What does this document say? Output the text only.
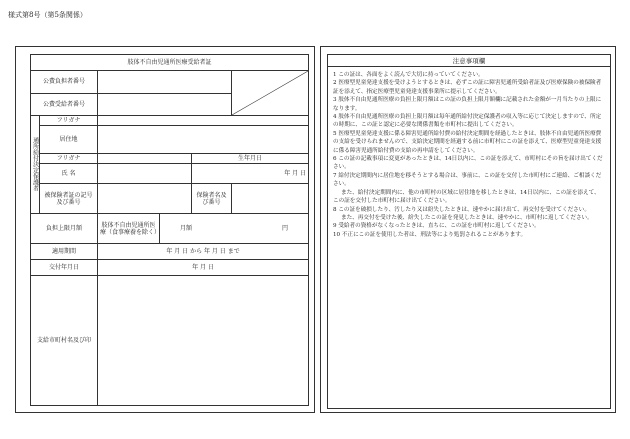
様式第8号（第5条関係）
肢体不自由児通所医療受給者証					
公費負担者番号	

公費受給者番号					

通所給付決定保護者	フリガナ				
	居住地				
	フリガナ			生年月日	
	氏 名			年 月 日	
	被保険者証の記号及び番号			保険者名及び番号	

負担上限月額		肢体不自由児通所医療（食事療養を除く）	月額 円		

適用期間		年 月 日 から 年 月 日 まで			
交付年月日		年 月 日			
支給市町村名及び印					
注意事項欄

1 この証は、各面をよく読んで大切に持っていてください。

2 医療型児童発達支援を受けようとするときは、必ずこの証に障害児通所受給者証及び医療保険の被保険者証を添えて、指定医療型児童発達支援事業所に提示してください。

3 肢体不自由児通所医療の負担上限月額はこの証の負担上限月額欄に記載された金額が一月当たりの上限になります。

4 肢体不自由児通所医療の負担上限月額は毎年通所給付決定保護者の収入等に応じて決定しますので、所定の時期に、この証と認定に必要な関係書類を市町村に提出してください。

5 医療型児童発達支援に係る障害児通所給付費の給付決定期間を経過したときは、肢体不自由児通所医療費の支給を受けられませんので、支給決定期間を経過する前に市町村にこの証を添えて、医療型児童発達支援に係る障害児通所給付費の支給の再申請をしてください。

6 この証の記載事項に変更があったときは、14日以内に、この証を添えて、市町村にその旨を届け出てください。

7 給付決定期間内に居住地を移そうとする場合は、事前に、この証を交付した市町村にご連絡、ご相談ください。

また、給付決定期間内に、他の市町村の区域に居住地を移したときは、14日以内に、この証を添えて、この証を交付した市町村に届け出てください。

8 この証を破損したり、汚したり又は紛失したときは、速やかに届け出て、再交付を受けてください。

また、再交付を受けた後、紛失したこの証を発見したときは、速やかに、市町村に返してください。

9 受給者の資格がなくなったときは、直ちに、この証を市町村に返してください。

10 不正にこの証を使用した者は、刑法等により処罰されることがあります。
